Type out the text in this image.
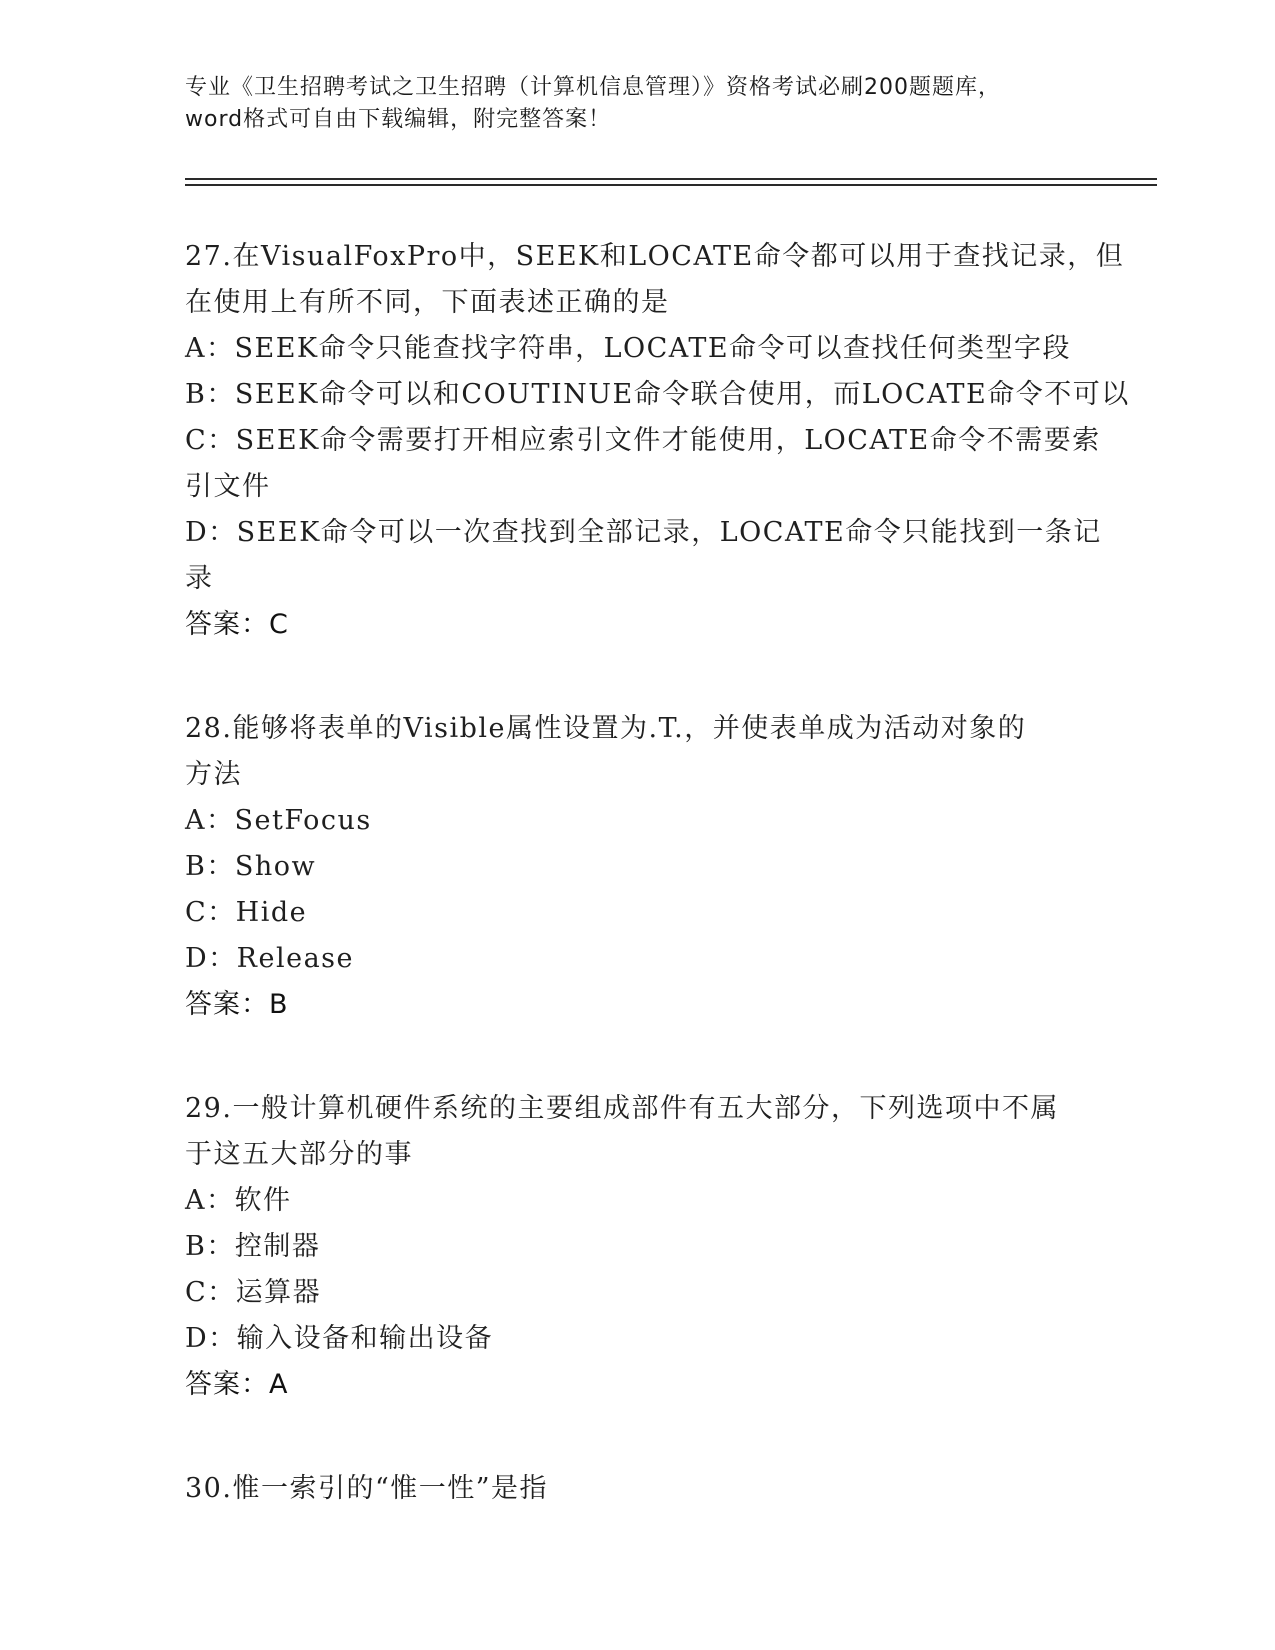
专业《卫生招聘考试之卫生招聘（计算机信息管理）》资格考试必刷200题题库，
word格式可自由下载编辑，附完整答案！
27.在VisualFoxPro中，SEEK和LOCATE命令都可以用于查找记录，但
在使用上有所不同，下面表述正确的是
A：SEEK命令只能查找字符串，LOCATE命令可以查找任何类型字段
B：SEEK命令可以和COUTINUE命令联合使用，而LOCATE命令不可以
C：SEEK命令需要打开相应索引文件才能使用，LOCATE命令不需要索
引文件
D：SEEK命令可以一次查找到全部记录，LOCATE命令只能找到一条记
录
答案：C
28.能够将表单的Visible属性设置为.T.，并使表单成为活动对象的
方法
A：SetFocus
B：Show
C：Hide
D：Release
答案：B
29.一般计算机硬件系统的主要组成部件有五大部分，下列选项中不属
于这五大部分的事
A：软件
B：控制器
C：运算器
D：输入设备和输出设备
答案：A
30.惟一索引的“惟一性”是指
